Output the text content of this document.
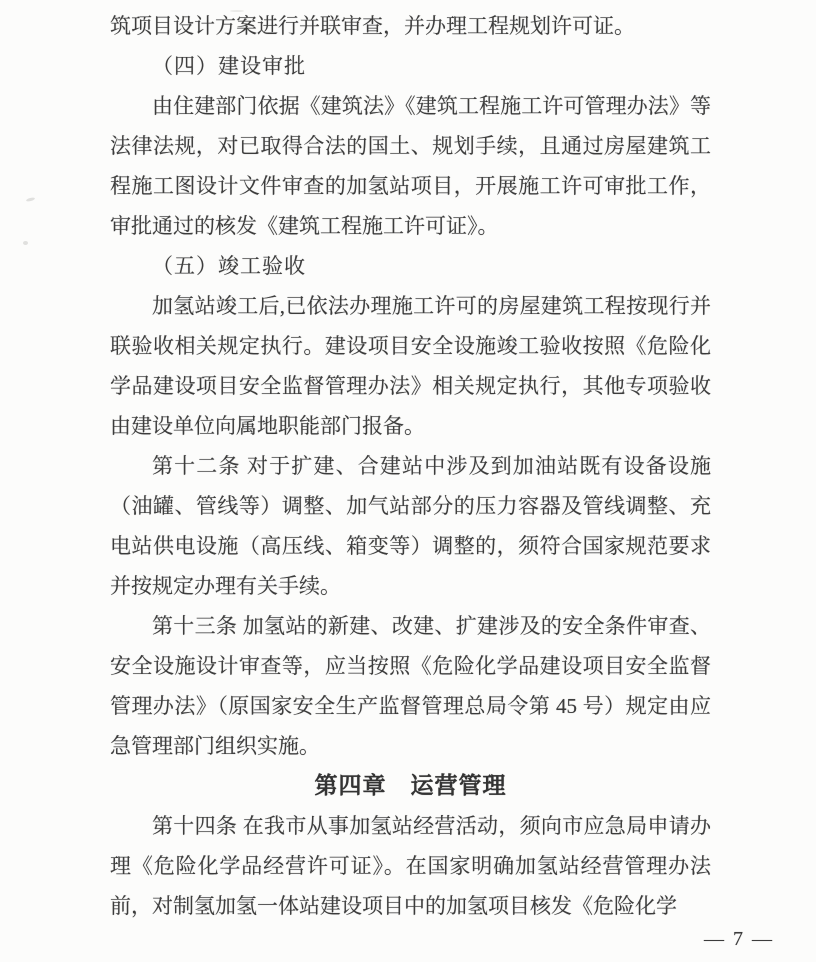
筑项目设计方案进行并联审查，并办理工程规划许可证。

（四）建设审批

由住建部门依据《建筑法》《建筑工程施工许可管理办法》等法律法规，对已取得合法的国土、规划手续，且通过房屋建筑工程施工图设计文件审查的加氢站项目，开展施工许可审批工作，审批通过的核发《建筑工程施工许可证》。

（五）竣工验收

加氢站竣工后,已依法办理施工许可的房屋建筑工程按现行并联验收相关规定执行。建设项目安全设施竣工验收按照《危险化学品建设项目安全监督管理办法》相关规定执行，其他专项验收由建设单位向属地职能部门报备。

第十二条 对于扩建、合建站中涉及到加油站既有设备设施（油罐、管线等）调整、加气站部分的压力容器及管线调整、充电站供电设施（高压线、箱变等）调整的，须符合国家规范要求并按规定办理有关手续。

第十三条 加氢站的新建、改建、扩建涉及的安全条件审查、安全设施设计审查等，应当按照《危险化学品建设项目安全监督管理办法》（原国家安全生产监督管理总局令第 45 号）规定由应急管理部门组织实施。

第四章　运营管理

第十四条 在我市从事加氢站经营活动，须向市应急局申请办理《危险化学品经营许可证》。在国家明确加氢站经营管理办法前，对制氢加氢一体站建设项目中的加氢项目核发《危险化学

— 7 —
